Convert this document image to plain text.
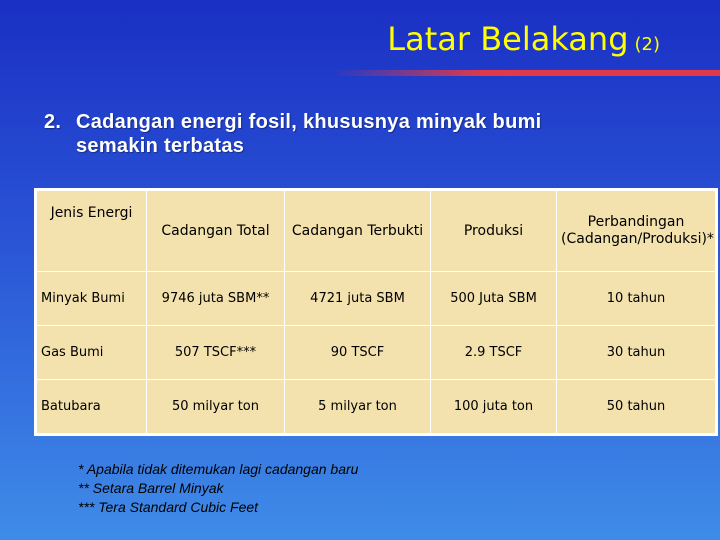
Latar Belakang (2)
2. Cadangan energi fosil, khususnya minyak bumi
semakin terbatas
Jenis Energi	Cadangan Total	Cadangan Terbukti	Produksi	Perbandingan (Cadangan/Produksi)*
Minyak Bumi	9746 juta SBM**	4721 juta SBM	500 Juta SBM	10 tahun
Gas Bumi	507 TSCF***	90 TSCF	2.9 TSCF	30 tahun
Batubara	50 milyar ton	5 milyar ton	100 juta ton	50 tahun
* Apabila tidak ditemukan lagi cadangan baru
** Setara Barrel Minyak
*** Tera Standard Cubic Feet
